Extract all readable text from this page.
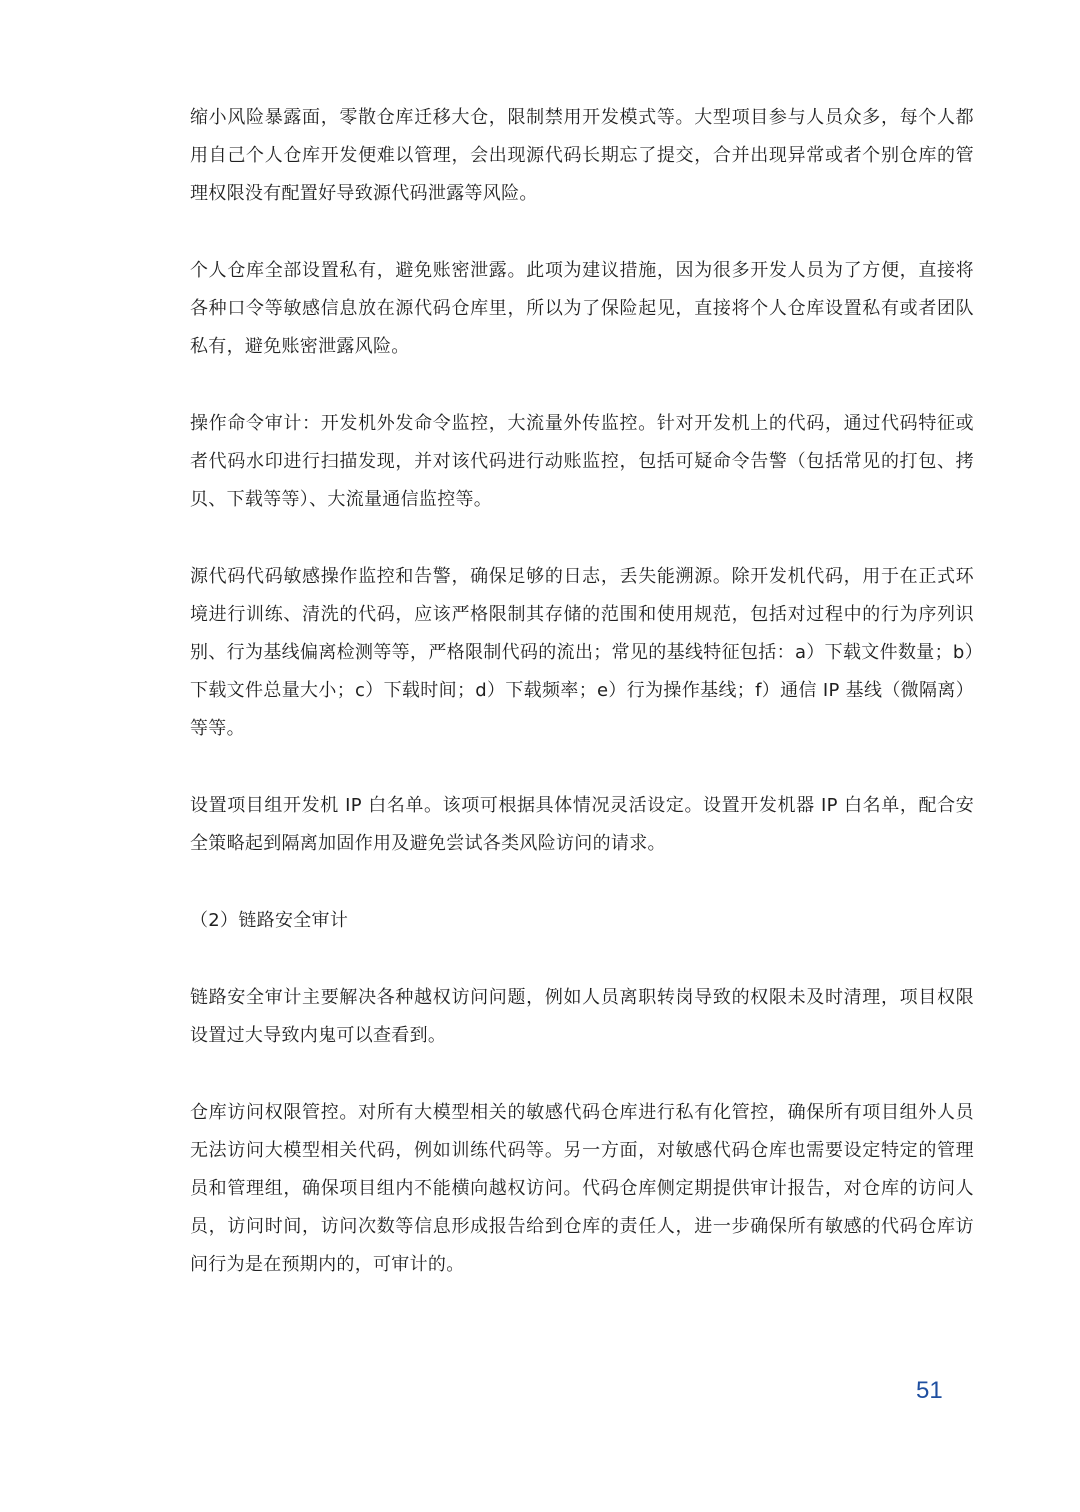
缩小风险暴露面，零散仓库迁移大仓，限制禁用开发模式等。大型项目参与人员众多，每个人都用自己个人仓库开发便难以管理，会出现源代码长期忘了提交，合并出现异常或者个别仓库的管理权限没有配置好导致源代码泄露等风险。

个人仓库全部设置私有，避免账密泄露。此项为建议措施，因为很多开发人员为了方便，直接将各种口令等敏感信息放在源代码仓库里，所以为了保险起见，直接将个人仓库设置私有或者团队私有，避免账密泄露风险。

操作命令审计：开发机外发命令监控，大流量外传监控。针对开发机上的代码，通过代码特征或者代码水印进行扫描发现，并对该代码进行动账监控，包括可疑命令告警（包括常见的打包、拷贝、下载等等）、大流量通信监控等。

源代码代码敏感操作监控和告警，确保足够的日志，丢失能溯源。除开发机代码，用于在正式环境进行训练、清洗的代码，应该严格限制其存储的范围和使用规范，包括对过程中的行为序列识别、行为基线偏离检测等等，严格限制代码的流出；常见的基线特征包括：a）下载文件数量；b）下载文件总量大小；c）下载时间；d）下载频率；e）行为操作基线；f）通信 IP 基线（微隔离）等等。

设置项目组开发机 IP 白名单。该项可根据具体情况灵活设定。设置开发机器 IP 白名单，配合安全策略起到隔离加固作用及避免尝试各类风险访问的请求。

（2）链路安全审计

链路安全审计主要解决各种越权访问问题，例如人员离职转岗导致的权限未及时清理，项目权限设置过大导致内鬼可以查看到。

仓库访问权限管控。对所有大模型相关的敏感代码仓库进行私有化管控，确保所有项目组外人员无法访问大模型相关代码，例如训练代码等。另一方面，对敏感代码仓库也需要设定特定的管理员和管理组，确保项目组内不能横向越权访问。代码仓库侧定期提供审计报告，对仓库的访问人员，访问时间，访问次数等信息形成报告给到仓库的责任人，进一步确保所有敏感的代码仓库访问行为是在预期内的，可审计的。

51
